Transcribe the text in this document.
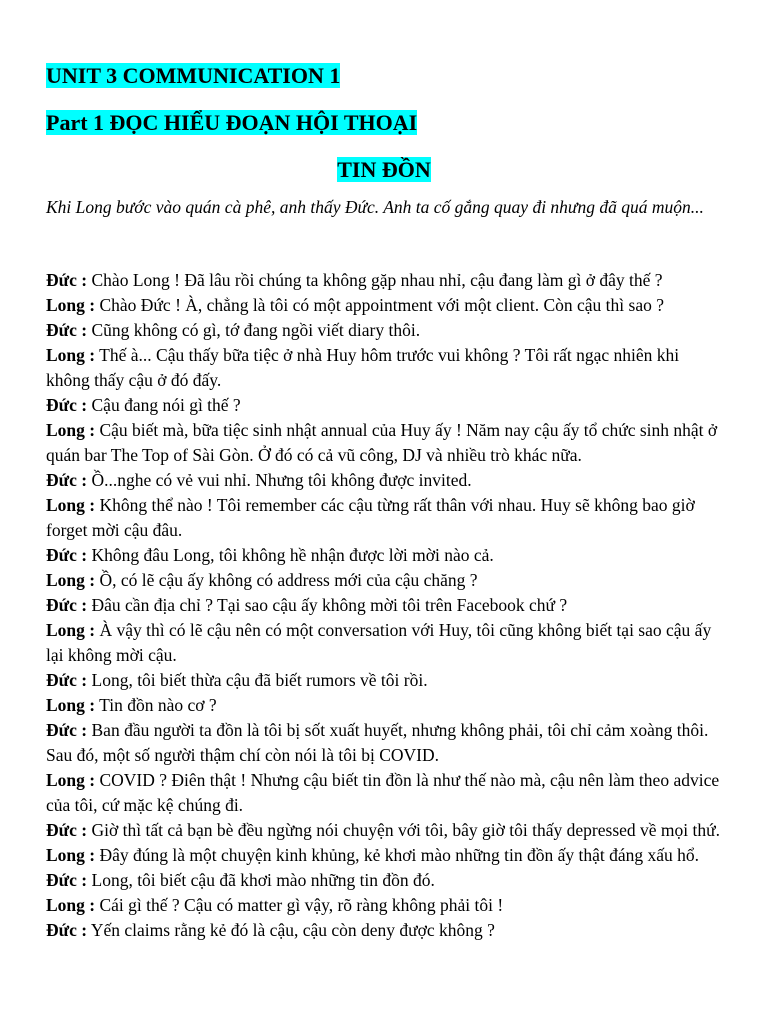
UNIT 3 COMMUNICATION 1
Part 1 ĐỌC HIỂU ĐOẠN HỘI THOẠI
TIN ĐỒN
Khi Long bước vào quán cà phê, anh thấy Đức. Anh ta cố gắng quay đi nhưng đã quá muộn...

Đức : Chào Long ! Đã lâu rồi chúng ta không gặp nhau nhỉ, cậu đang làm gì ở đây thế ?

Long : Chào Đức ! À, chẳng là tôi có một appointment với một client. Còn cậu thì sao ?

Đức : Cũng không có gì, tớ đang ngồi viết diary thôi.

Long : Thế à... Cậu thấy bữa tiệc ở nhà Huy hôm trước vui không ? Tôi rất ngạc nhiên khi không thấy cậu ở đó đấy.

Đức : Cậu đang nói gì thế ?

Long : Cậu biết mà, bữa tiệc sinh nhật annual của Huy ấy ! Năm nay cậu ấy tổ chức sinh nhật ở quán bar The Top of Sài Gòn. Ở đó có cả vũ công, DJ và nhiều trò khác nữa.

Đức : Ồ...nghe có vẻ vui nhỉ. Nhưng tôi không được invited.

Long : Không thể nào ! Tôi remember các cậu từng rất thân với nhau. Huy sẽ không bao giờ forget mời cậu đâu.

Đức : Không đâu Long, tôi không hề nhận được lời mời nào cả.

Long : Ồ, có lẽ cậu ấy không có address mới của cậu chăng ?

Đức : Đâu cần địa chỉ ? Tại sao cậu ấy không mời tôi trên Facebook chứ ?

Long : À vậy thì có lẽ cậu nên có một conversation với Huy, tôi cũng không biết tại sao cậu ấy lại không mời cậu.

Đức : Long, tôi biết thừa cậu đã biết rumors về tôi rồi.

Long : Tin đồn nào cơ ?

Đức : Ban đầu người ta đồn là tôi bị sốt xuất huyết, nhưng không phải, tôi chỉ cảm xoàng thôi. Sau đó, một số người thậm chí còn nói là tôi bị COVID.

Long : COVID ? Điên thật ! Nhưng cậu biết tin đồn là như thế nào mà, cậu nên làm theo advice của tôi, cứ mặc kệ chúng đi.

Đức : Giờ thì tất cả bạn bè đều ngừng nói chuyện với tôi, bây giờ tôi thấy depressed về mọi thứ.

Long : Đây đúng là một chuyện kinh khủng, kẻ khơi mào những tin đồn ấy thật đáng xấu hổ.

Đức : Long, tôi biết cậu đã khơi mào những tin đồn đó.

Long : Cái gì thế ? Cậu có matter gì vậy, rõ ràng không phải tôi !

Đức : Yến claims rằng kẻ đó là cậu, cậu còn deny được không ?
